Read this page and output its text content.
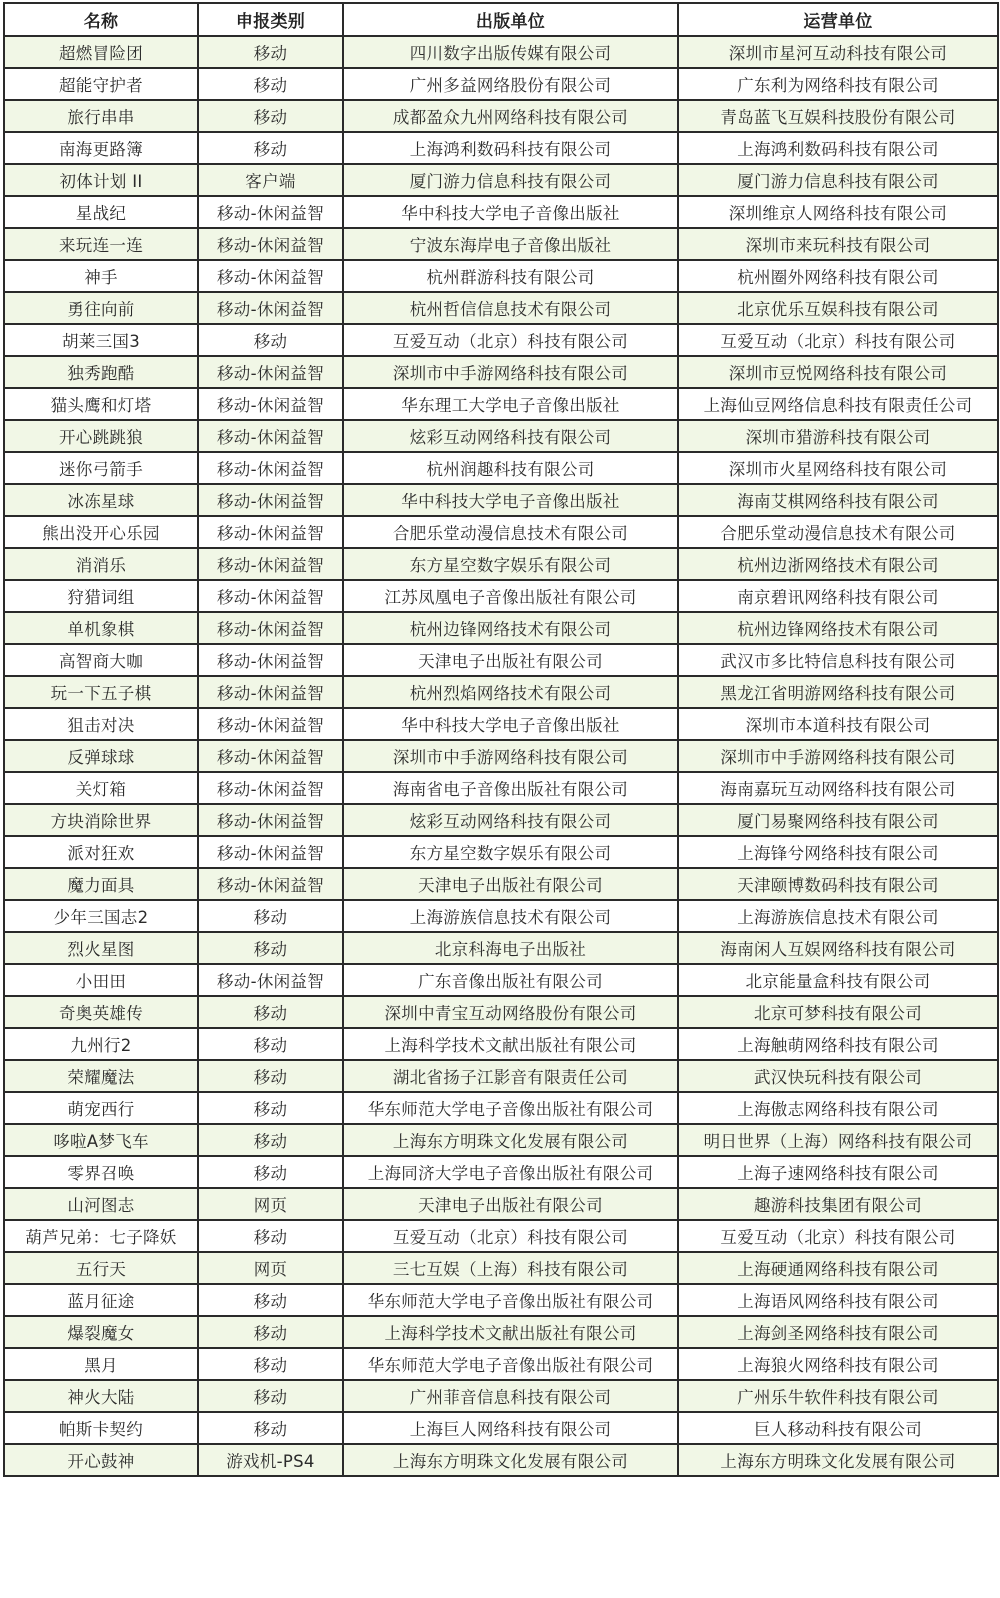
名称	申报类别	出版单位	运营单位
超燃冒险团	移动	四川数字出版传媒有限公司	深圳市星河互动科技有限公司
超能守护者	移动	广州多益网络股份有限公司	广东利为网络科技有限公司
旅行串串	移动	成都盈众九州网络科技有限公司	青岛蓝飞互娱科技股份有限公司
南海更路簿	移动	上海鸿利数码科技有限公司	上海鸿利数码科技有限公司
初体计划 II	客户端	厦门游力信息科技有限公司	厦门游力信息科技有限公司
星战纪	移动-休闲益智	华中科技大学电子音像出版社	深圳维京人网络科技有限公司
来玩连一连	移动-休闲益智	宁波东海岸电子音像出版社	深圳市来玩科技有限公司
神手	移动-休闲益智	杭州群游科技有限公司	杭州圈外网络科技有限公司
勇往向前	移动-休闲益智	杭州哲信信息技术有限公司	北京优乐互娱科技有限公司
胡莱三国3	移动	互爱互动（北京）科技有限公司	互爱互动（北京）科技有限公司
独秀跑酷	移动-休闲益智	深圳市中手游网络科技有限公司	深圳市豆悦网络科技有限公司
猫头鹰和灯塔	移动-休闲益智	华东理工大学电子音像出版社	上海仙豆网络信息科技有限责任公司
开心跳跳狼	移动-休闲益智	炫彩互动网络科技有限公司	深圳市猎游科技有限公司
迷你弓箭手	移动-休闲益智	杭州润趣科技有限公司	深圳市火星网络科技有限公司
冰冻星球	移动-休闲益智	华中科技大学电子音像出版社	海南艾棋网络科技有限公司
熊出没开心乐园	移动-休闲益智	合肥乐堂动漫信息技术有限公司	合肥乐堂动漫信息技术有限公司
消消乐	移动-休闲益智	东方星空数字娱乐有限公司	杭州边浙网络技术有限公司
狩猎词组	移动-休闲益智	江苏凤凰电子音像出版社有限公司	南京碧讯网络科技有限公司
单机象棋	移动-休闲益智	杭州边锋网络技术有限公司	杭州边锋网络技术有限公司
高智商大咖	移动-休闲益智	天津电子出版社有限公司	武汉市多比特信息科技有限公司
玩一下五子棋	移动-休闲益智	杭州烈焰网络技术有限公司	黑龙江省明游网络科技有限公司
狙击对决	移动-休闲益智	华中科技大学电子音像出版社	深圳市本道科技有限公司
反弹球球	移动-休闲益智	深圳市中手游网络科技有限公司	深圳市中手游网络科技有限公司
关灯箱	移动-休闲益智	海南省电子音像出版社有限公司	海南嘉玩互动网络科技有限公司
方块消除世界	移动-休闲益智	炫彩互动网络科技有限公司	厦门易聚网络科技有限公司
派对狂欢	移动-休闲益智	东方星空数字娱乐有限公司	上海锋兮网络科技有限公司
魔力面具	移动-休闲益智	天津电子出版社有限公司	天津颐博数码科技有限公司
少年三国志2	移动	上海游族信息技术有限公司	上海游族信息技术有限公司
烈火星图	移动	北京科海电子出版社	海南闲人互娱网络科技有限公司
小田田	移动-休闲益智	广东音像出版社有限公司	北京能量盒科技有限公司
奇奥英雄传	移动	深圳中青宝互动网络股份有限公司	北京可梦科技有限公司
九州行2	移动	上海科学技术文献出版社有限公司	上海触萌网络科技有限公司
荣耀魔法	移动	湖北省扬子江影音有限责任公司	武汉快玩科技有限公司
萌宠西行	移动	华东师范大学电子音像出版社有限公司	上海傲志网络科技有限公司
哆啦A梦飞车	移动	上海东方明珠文化发展有限公司	明日世界（上海）网络科技有限公司
零界召唤	移动	上海同济大学电子音像出版社有限公司	上海子速网络科技有限公司
山河图志	网页	天津电子出版社有限公司	趣游科技集团有限公司
葫芦兄弟：七子降妖	移动	互爱互动（北京）科技有限公司	互爱互动（北京）科技有限公司
五行天	网页	三七互娱（上海）科技有限公司	上海硬通网络科技有限公司
蓝月征途	移动	华东师范大学电子音像出版社有限公司	上海语风网络科技有限公司
爆裂魔女	移动	上海科学技术文献出版社有限公司	上海剑圣网络科技有限公司
黑月	移动	华东师范大学电子音像出版社有限公司	上海狼火网络科技有限公司
神火大陆	移动	广州菲音信息科技有限公司	广州乐牛软件科技有限公司
帕斯卡契约	移动	上海巨人网络科技有限公司	巨人移动科技有限公司
开心鼓神	游戏机-PS4	上海东方明珠文化发展有限公司	上海东方明珠文化发展有限公司
